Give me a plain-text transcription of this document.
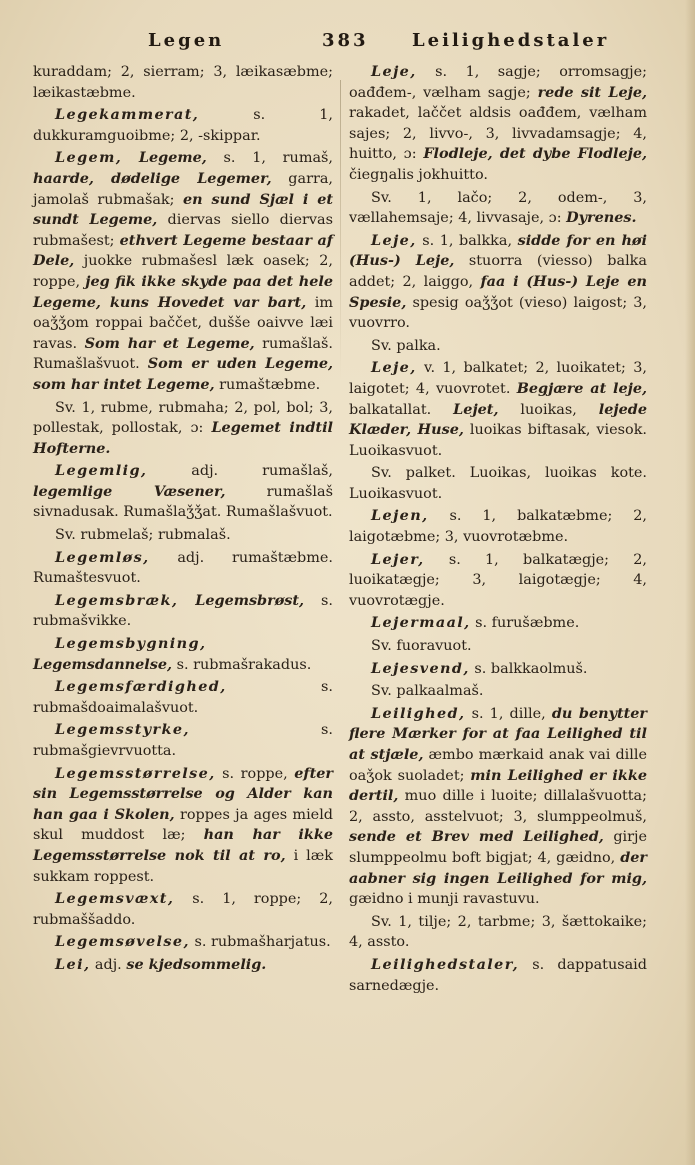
Legen	383 Leilighedstaler

kuraddam; 2, sierram; 3, læikasæbme; læikastæbme.

Legekammerat, s. 1, dukkuramguoibme; 2, -skippar.

Legem, Legeme, s. 1, rumaš, haarde, dødelige Legemer, garra, jamolaš rubmašak; en sund Sjæl i et sundt Legeme, diervas siello diervas rubmašest; ethvert Legeme bestaar af Dele, juokke rubmašesl læk oasek; 2, roppe, jeg fik ikke skyde paa det hele Legeme, kuns Hovedet var bart, im oaǯǯom roppai baččet, dušše oaivve læi ravas. Som har et Legeme, rumašlaš. Rumašlašvuot. Som er uden Legeme, som har intet Legeme, rumaštæbme.

Sv. 1, rubme, rubmaha; 2, pol, bol; 3, pollestak, pollostak, ɔ: Legemet indtil Hofterne.

Legemlig, adj. rumašlaš, legemlige Væsener, rumašlaš sivnadusak. Rumašlaǯǯat. Rumašlašvuot.

Sv. rubmelaš; rubmalaš.

Legemløs, adj. rumaštæbme. Rumaštesvuot.

Legemsbræk, Legemsbrøst, s. rubmašvikke.

Legemsbygning, Legemsdannelse, s. rubmašrakadus.

Legemsfærdighed, s. rubmašdoaimalašvuot.

Legemsstyrke, s. rubmašgievrvuotta.

Legemsstørrelse, s. roppe, efter sin Legemsstørrelse og Alder kan han gaa i Skolen, roppes ja ages mield skul muddost læ; han har ikke Legemsstørrelse nok til at ro, i læk sukkam roppest.

Legemsvæxt, s. 1, roppe; 2, rubmaššaddo.

Legemsøvelse, s. rubmašharjatus.

Lei, adj. se kjedsommelig.

Leje, s. 1, sagje; orromsagje; oađđem-, vælham sagje; rede sit Leje, rakadet, laččet aldsis oađđem, vælham sajes; 2, livvo-, 3, livvadamsagje; 4, huitto, ɔ: Flodleje, det dybe Flodleje, čiegŋalis jokhuitto.

Sv. 1, lačo; 2, odem-, 3, vællahemsaje; 4, livvasaje, ɔ: Dyrenes.

Leje, s. 1, balkka, sidde for en høi (Hus-) Leje, stuorra (viesso) balka addet; 2, laiggo, faa i (Hus-) Leje en Spesie, spesig oaǯǯot (vieso) laigost; 3, vuovrro.

Sv. palka.

Leje, v. 1, balkatet; 2, luoikatet; 3, laigotet; 4, vuovrotet. Begjære at leje, balkatallat. Lejet, luoikas, lejede Klæder, Huse, luoikas biftasak, viesok. Luoikasvuot.

Sv. palket. Luoikas, luoikas kote. Luoikasvuot.

Lejen, s. 1, balkatæbme; 2, laigotæbme; 3, vuovrotæbme.

Lejer, s. 1, balkatægje; 2, luoikatægje; 3, laigotægje; 4, vuovrotægje.

Lejermaal, s. furušæbme.

Sv. fuoravuot.

Lejesvend, s. balkkaolmuš.

Sv. palkaalmaš.

Leilighed, s. 1, dille, du benytter flere Mærker for at faa Leilighed til at stjæle, æmbo mærkaid anak vai dille oaǯok suoladet; min Leilighed er ikke dertil, muo dille i luoite; dillalašvuotta; 2, assto, asstelvuot; 3, slumppeolmuš, sende et Brev med Leilighed, girje slumppeolmu boft bigjat; 4, gæidno, der aabner sig ingen Leilighed for mig, gæidno i munji ravastuvu.

Sv. 1, tilje; 2, tarbme; 3, šættokaike; 4, assto.

Leilighedstaler, s. dappatusaid sarnedægje.
